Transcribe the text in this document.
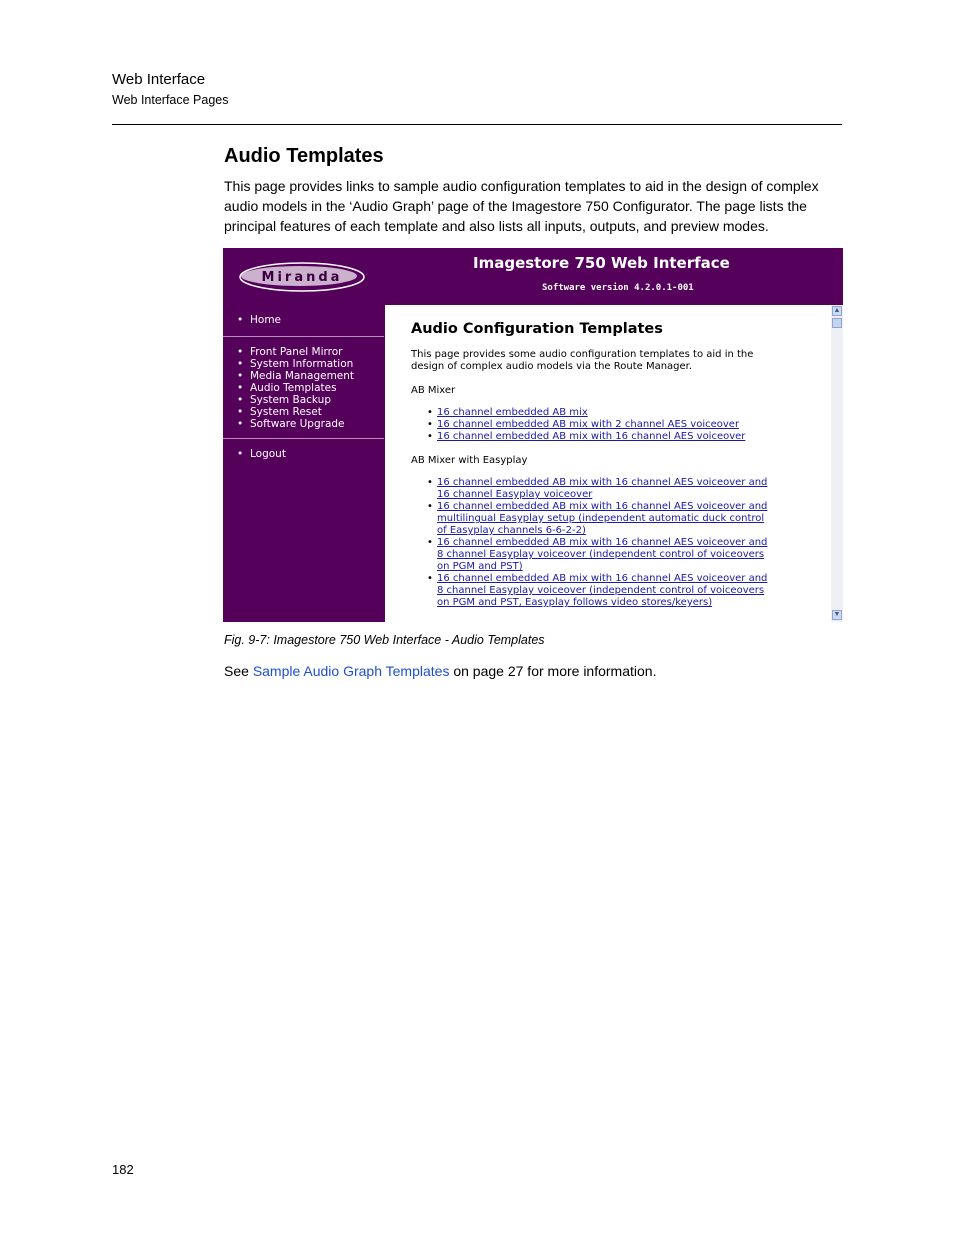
Web Interface
Web Interface Pages
Audio Templates

This page provides links to sample audio configuration templates to aid in the design of complex audio models in the ‘Audio Graph’ page of the Imagestore 750 Configurator. The page lists the principal features of each template and also lists all inputs, outputs, and preview modes.

Miranda
Imagestore 750 Web Interface
Software version 4.2.0.1-001
• Home
• Front Panel Mirror
• System Information
• Media Management
• Audio Templates
• System Backup
• System Reset
• Software Upgrade
• Logout
Audio Configuration Templates

This page provides some audio configuration templates to aid in the

design of complex audio models via the Route Manager.

AB Mixer

• 16 channel embedded AB mix
• 16 channel embedded AB mix with 2 channel AES voiceover
• 16 channel embedded AB mix with 16 channel AES voiceover

AB Mixer with Easyplay

• 16 channel embedded AB mix with 16 channel AES voiceover and
16 channel Easyplay voiceover
• 16 channel embedded AB mix with 16 channel AES voiceover and
multilingual Easyplay setup (independent automatic duck control
of Easyplay channels 6-6-2-2)
• 16 channel embedded AB mix with 16 channel AES voiceover and
8 channel Easyplay voiceover (independent control of voiceovers
on PGM and PST)
• 16 channel embedded AB mix with 16 channel AES voiceover and
8 channel Easyplay voiceover (independent control of voiceovers
on PGM and PST, Easyplay follows video stores/keyers)
▲
▼
Fig. 9-7: Imagestore 750 Web Interface - Audio Templates
See Sample Audio Graph Templates on page 27 for more information.
182
